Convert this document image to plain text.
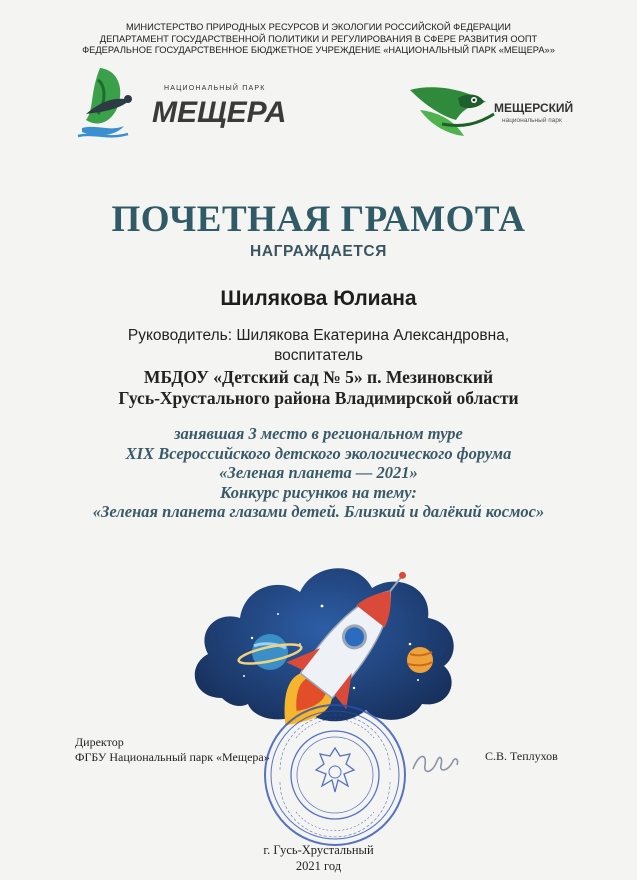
МИНИСТЕРСТВО ПРИРОДНЫХ РЕСУРСОВ И ЭКОЛОГИИ РОССИЙСКОЙ ФЕДЕРАЦИИ
ДЕПАРТАМЕНТ ГОСУДАРСТВЕННОЙ ПОЛИТИКИ И РЕГУЛИРОВАНИЯ В СФЕРЕ РАЗВИТИЯ ООПТ
ФЕДЕРАЛЬНОЕ ГОСУДАРСТВЕННОЕ БЮДЖЕТНОЕ УЧРЕЖДЕНИЕ «НАЦИОНАЛЬНЫЙ ПАРК «МЕЩЕРА»»
НАЦИОНАЛЬНЫЙ ПАРК
МЕЩЕРА	МЕЩЕРСКИЙ
национальный парк
ПОЧЕТНАЯ ГРАМОТА
НАГРАЖДАЕТСЯ
Шилякова Юлиана
Руководитель: Шилякова Екатерина Александровна,
воспитатель
МБДОУ «Детский сад № 5» п. Мезиновский
Гусь-Хрустального района Владимирской области
занявшая 3 место в региональном туре
XIX Всероссийского детского экологического форума
«Зеленая планета — 2021»
Конкурс рисунков на тему:
«Зеленая планета глазами детей. Близкий и далёкий космос»
Директор
ФГБУ Национальный парк «Мещера»	С.В. Теплухов
г. Гусь-Хрустальный
2021 год
